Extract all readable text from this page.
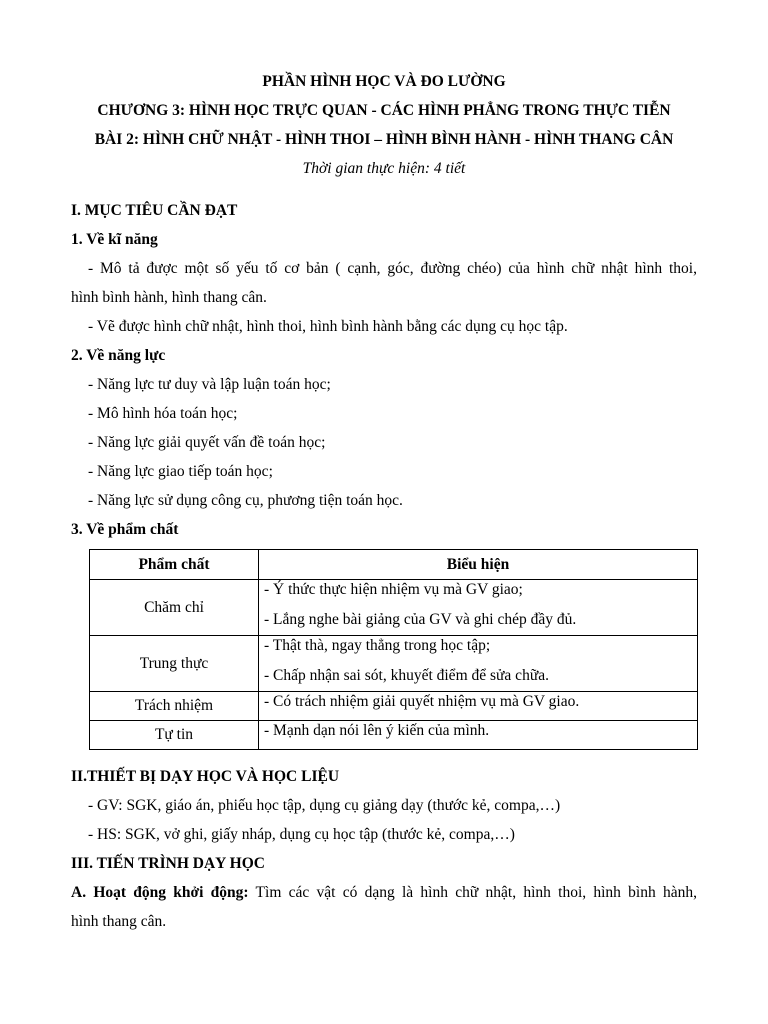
PHẦN HÌNH HỌC VÀ ĐO LƯỜNG
CHƯƠNG 3: HÌNH HỌC TRỰC QUAN - CÁC HÌNH PHẲNG TRONG THỰC TIỄN
BÀI 2: HÌNH CHỮ NHẬT - HÌNH THOI – HÌNH BÌNH HÀNH - HÌNH THANG CÂN
Thời gian thực hiện: 4 tiết
I. MỤC TIÊU CẦN ĐẠT
1. Về kĩ năng
- Mô tả được một số yếu tố cơ bản ( cạnh, góc, đường chéo) của hình chữ nhật hình thoi,
hình bình hành, hình thang cân.
- Vẽ được hình chữ nhật, hình thoi, hình bình hành bằng các dụng cụ học tập.
2. Về năng lực
- Năng lực tư duy và lập luận toán học;
- Mô hình hóa toán học;
- Năng lực giải quyết vấn đề toán học;
- Năng lực giao tiếp toán học;
- Năng lực sử dụng công cụ, phương tiện toán học.
3. Về phẩm chất
Phẩm chất	Biểu hiện
Chăm chỉ	- Ý thức thực hiện nhiệm vụ mà GV giao;
- Lắng nghe bài giảng của GV và ghi chép đầy đủ.

Trung thực	- Thật thà, ngay thẳng trong học tập;
- Chấp nhận sai sót, khuyết điểm để sửa chữa.

Trách nhiệm	- Có trách nhiệm giải quyết nhiệm vụ mà GV giao.

Tự tin	- Mạnh dạn nói lên ý kiến của mình.
II.THIẾT BỊ DẠY HỌC VÀ HỌC LIỆU
- GV: SGK, giáo án, phiếu học tập, dụng cụ giảng dạy (thước kẻ, compa,…)
- HS: SGK, vở ghi, giấy nháp, dụng cụ học tập (thước kẻ, compa,…)
III. TIẾN TRÌNH DẠY HỌC
A. Hoạt động khởi động: Tìm các vật có dạng là hình chữ nhật, hình thoi, hình bình hành,
hình thang cân.
